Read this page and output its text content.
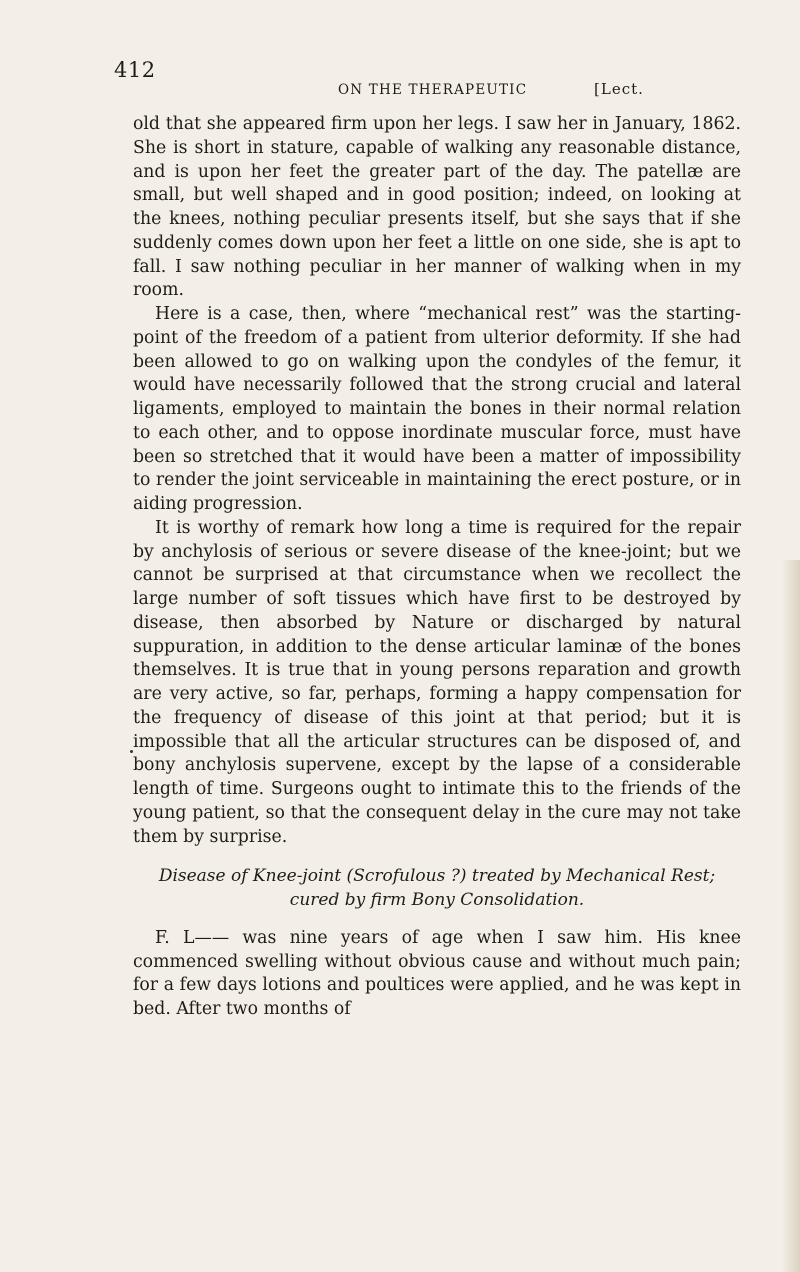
412
ON THE THERAPEUTIC	[Lect.

old that she appeared firm upon her legs. I saw her in January, 1862. She is short in stature, capable of walking any reasonable distance, and is upon her feet the greater part of the day. The patellæ are small, but well shaped and in good position; indeed, on looking at the knees, nothing peculiar presents itself, but she says that if she suddenly comes down upon her feet a little on one side, she is apt to fall. I saw nothing peculiar in her manner of walking when in my room.

Here is a case, then, where “mechanical rest” was the starting-point of the freedom of a patient from ulterior deformity. If she had been allowed to go on walking upon the condyles of the femur, it would have necessarily followed that the strong crucial and lateral ligaments, employed to maintain the bones in their normal relation to each other, and to oppose inordinate muscular force, must have been so stretched that it would have been a matter of impossibility to render the joint serviceable in maintaining the erect posture, or in aiding progression.

It is worthy of remark how long a time is required for the repair by anchylosis of serious or severe disease of the knee-joint; but we cannot be surprised at that circumstance when we recollect the large number of soft tissues which have first to be destroyed by disease, then absorbed by Nature or discharged by natural suppuration, in addition to the dense articular laminæ of the bones themselves. It is true that in young persons reparation and growth are very active, so far, perhaps, forming a happy compensation for the frequency of disease of this joint at that period; but it is impossible that all the articular structures can be disposed of, and bony anchylosis supervene, except by the lapse of a considerable length of time. Surgeons ought to intimate this to the friends of the young patient, so that the consequent delay in the cure may not take them by surprise.

Disease of Knee-joint (Scrofulous ?) treated by Mechanical Rest; cured by firm Bony Consolidation.

F. L—— was nine years of age when I saw him. His knee commenced swelling without obvious cause and without much pain; for a few days lotions and poultices were applied, and he was kept in bed. After two months of
